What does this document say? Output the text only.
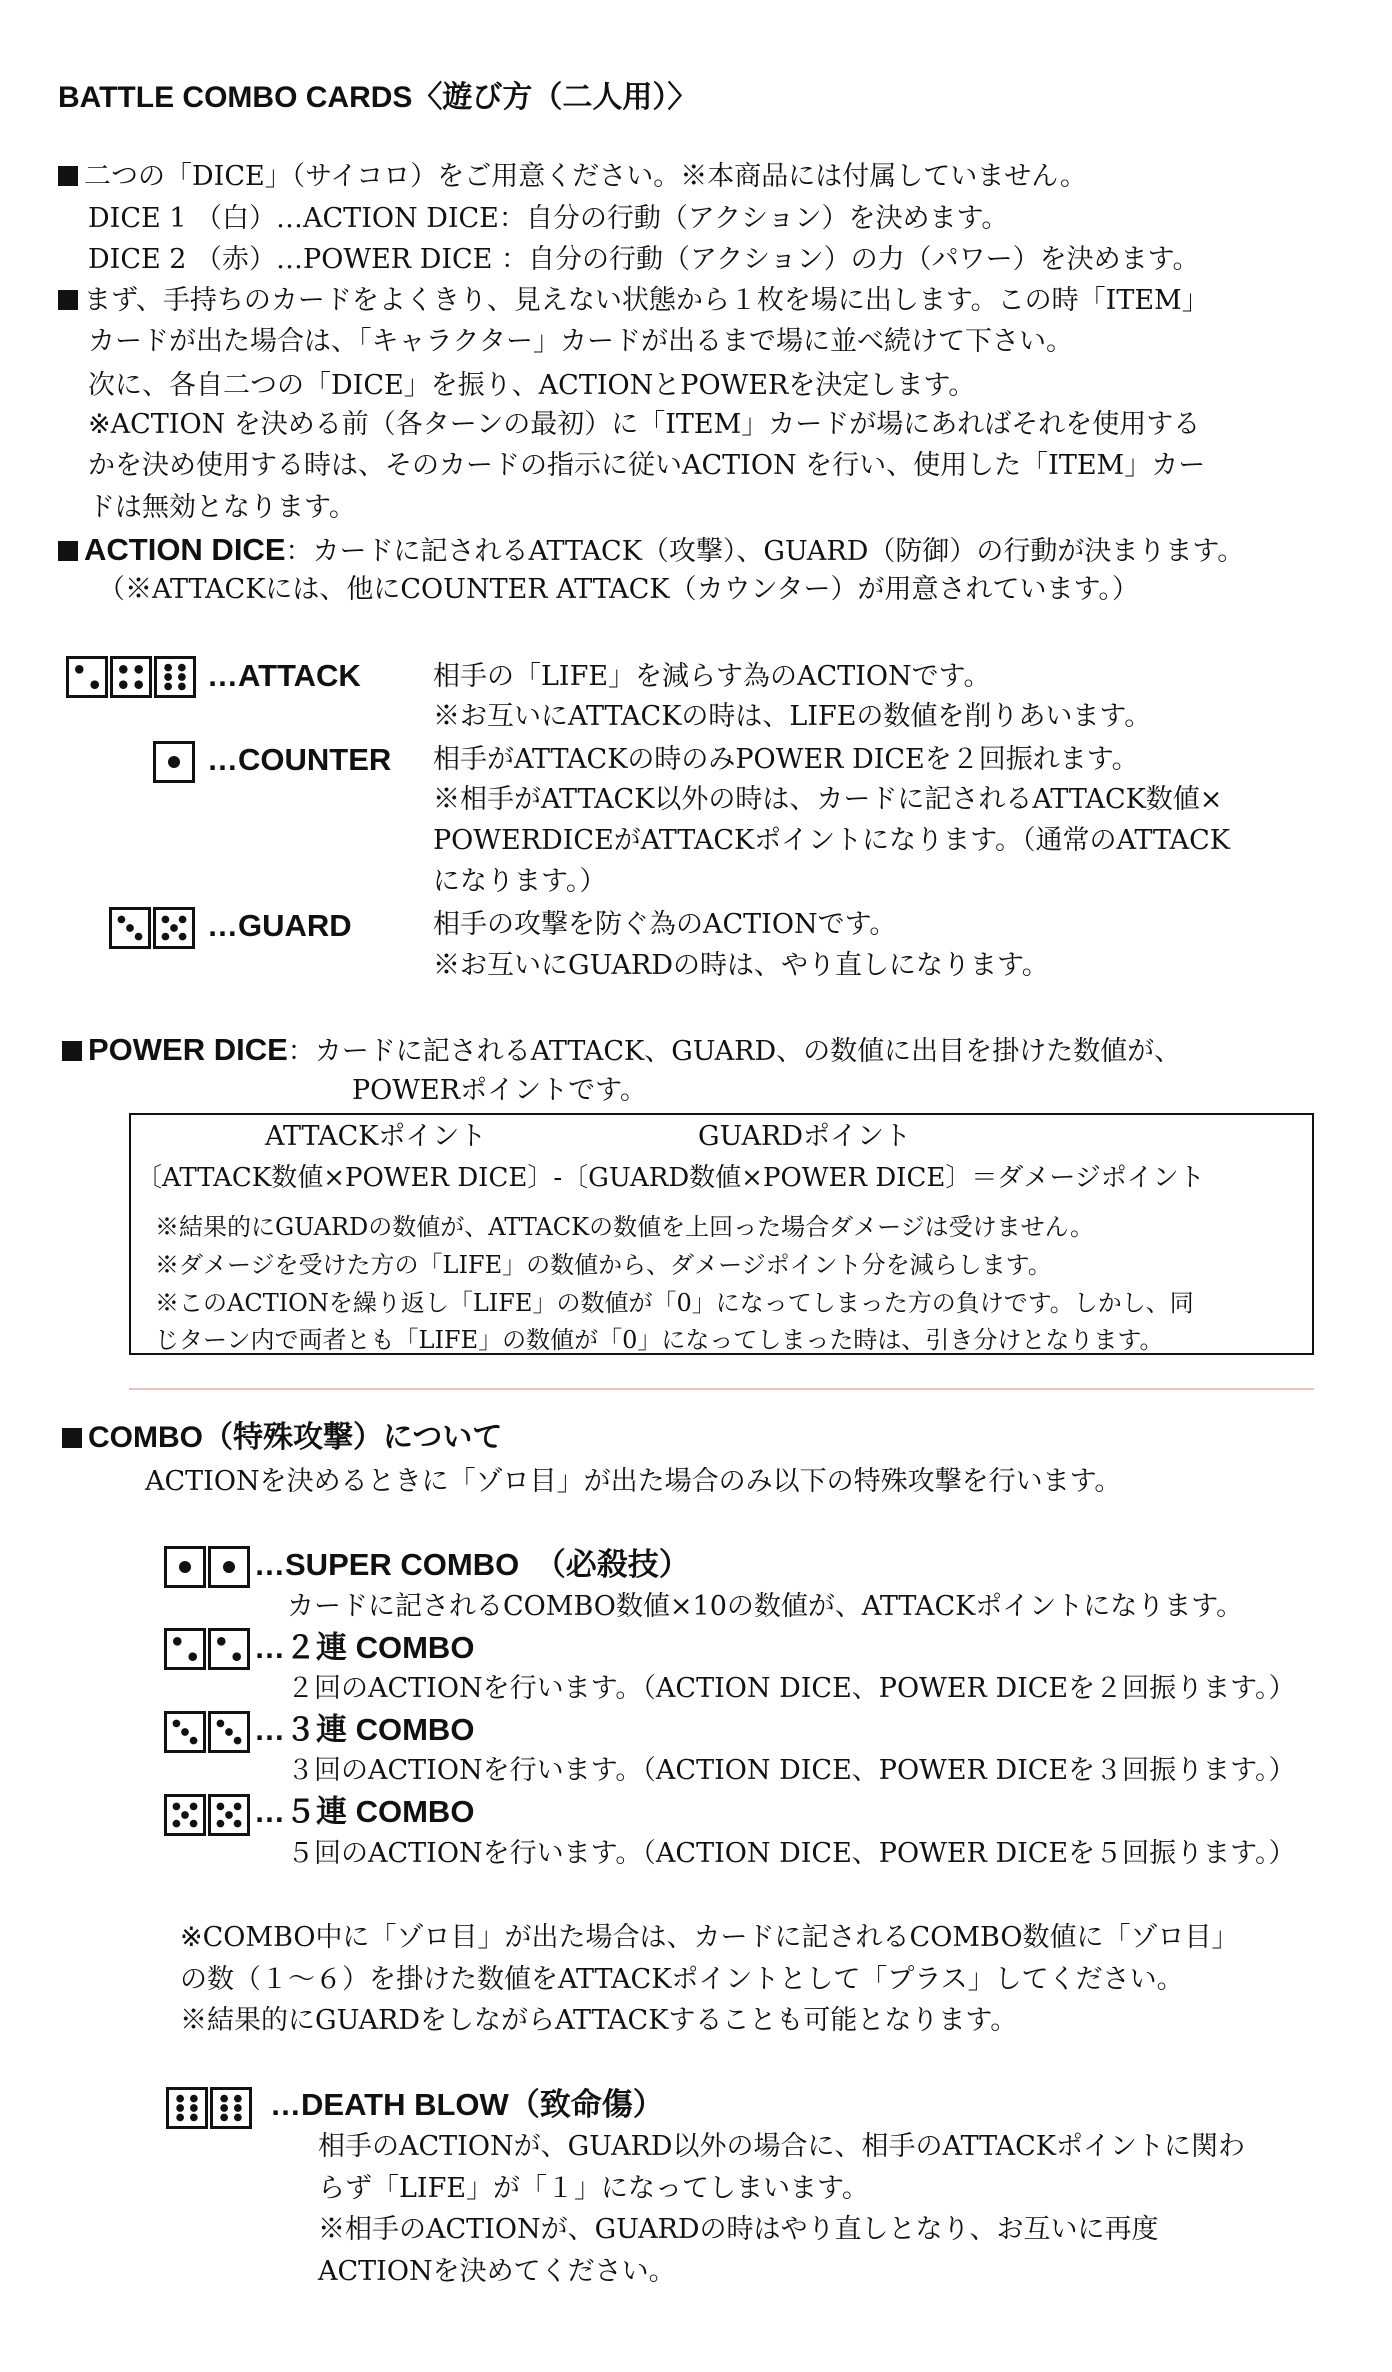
BATTLE COMBO CARDS〈遊び方（二人用）〉
二つの「DICE」（サイコロ）をご用意ください。※本商品には付属していません。
DICE 1 （白）…ACTION DICE：自分の行動（アクション）を決めます。
DICE 2 （赤）…POWER DICE ：自分の行動（アクション）の力（パワー）を決めます。
まず、手持ちのカードをよくきり、見えない状態から１枚を場に出します。この時「ITEM」
カードが出た場合は、「キャラクター」カードが出るまで場に並べ続けて下さい。
次に、各自二つの「DICE」を振り、ACTIONとPOWERを決定します。
※ACTION を決める前（各ターンの最初）に「ITEM」カードが場にあればそれを使用する
かを決め使用する時は、そのカードの指示に従いACTION を行い、使用した「ITEM」カー
ドは無効となります。
ACTION DICE：カードに記されるATTACK（攻撃）、GUARD（防御）の行動が決まります。
（※ATTACKには、他にCOUNTER ATTACK（カウンター）が用意されています。）
…ATTACK	相手の「LIFE」を減らす為のACTIONです。
※お互いにATTACKの時は、LIFEの数値を削りあいます。
…COUNTER 相手がATTACKの時のみPOWER DICEを２回振れます。
※相手がATTACK以外の時は、カードに記されるATTACK数値×
POWERDICEがATTACKポイントになります。（通常のATTACK
になります。）
…GUARD	相手の攻撃を防ぐ為のACTIONです。
※お互いにGUARDの時は、やり直しになります。
POWER DICE：カードに記されるATTACK、GUARD、の数値に出目を掛けた数値が、
POWERポイントです。
ATTACKポイント	GUARDポイント
〔ATTACK数値×POWER DICE〕-〔GUARD数値×POWER DICE〕＝ダメージポイント
※結果的にGUARDの数値が、ATTACKの数値を上回った場合ダメージは受けません。
※ダメージを受けた方の「LIFE」の数値から、ダメージポイント分を減らします。
※このACTIONを繰り返し「LIFE」の数値が「0」になってしまった方の負けです。しかし、同
じターン内で両者とも「LIFE」の数値が「0」になってしまった時は、引き分けとなります。
COMBO（特殊攻撃）について
ACTIONを決めるときに「ゾロ目」が出た場合のみ以下の特殊攻撃を行います。
…SUPER COMBO　（必殺技）
カードに記されるCOMBO数値×10の数値が、ATTACKポイントになります。
…２連 COMBO
２回のACTIONを行います。（ACTION DICE、POWER DICEを２回振ります。）
…３連 COMBO
３回のACTIONを行います。（ACTION DICE、POWER DICEを３回振ります。）
…５連 COMBO
５回のACTIONを行います。（ACTION DICE、POWER DICEを５回振ります。）
※COMBO中に「ゾロ目」が出た場合は、カードに記されるCOMBO数値に「ゾロ目」
の数（１～６）を掛けた数値をATTACKポイントとして「プラス」してください。
※結果的にGUARDをしながらATTACKすることも可能となります。
…DEATH BLOW（致命傷）
相手のACTIONが、GUARD以外の場合に、相手のATTACKポイントに関わ
らず「LIFE」が「１」になってしまいます。
※相手のACTIONが、GUARDの時はやり直しとなり、お互いに再度
ACTIONを決めてください。
